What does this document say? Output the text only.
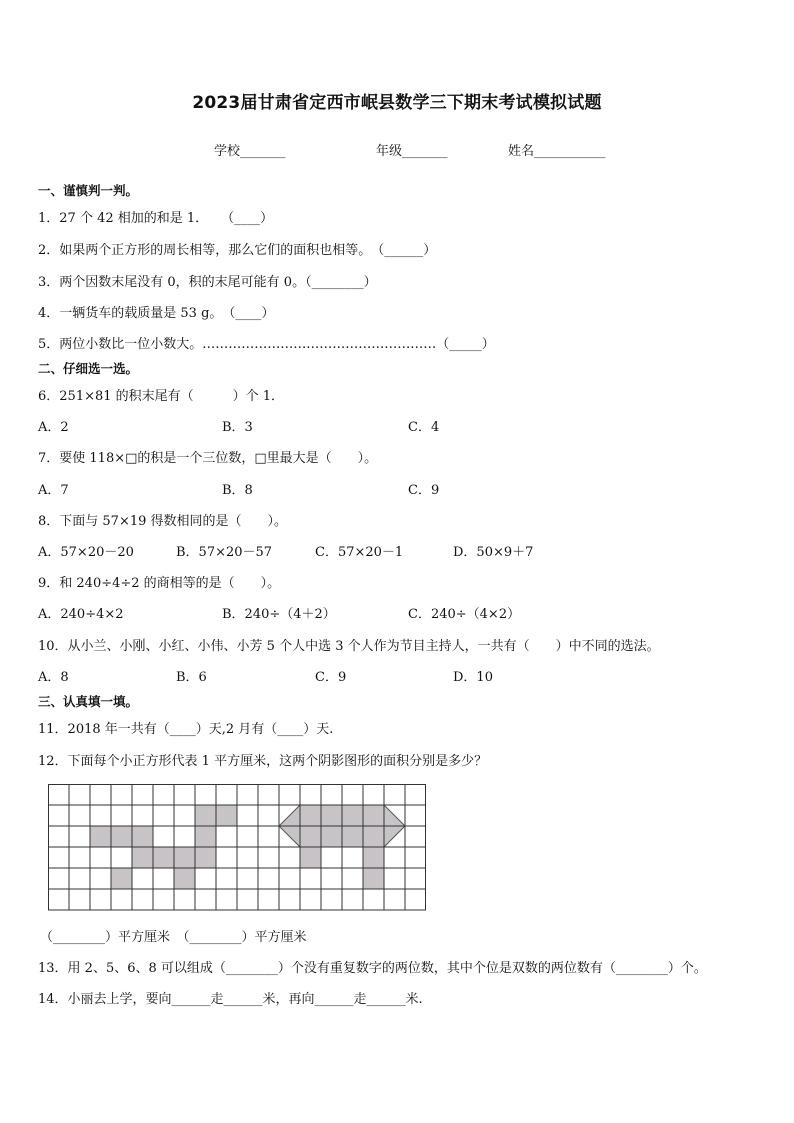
2023届甘肃省定西市岷县数学三下期末考试模拟试题
学校_______	年级_______	姓名___________
一、谨慎判一判。
1．27 个 42 相加的和是 1．　　（____）
2．如果两个正方形的周长相等，那么它们的面积也相等。　（______）
3．两个因数末尾没有 0，积的末尾可能有 0。（________）
4．一辆货车的载质量是 53 g。　（____）
5．两位小数比一位小数大。………………………………………………（_____）
二、仔细选一选。
6．251×81 的积末尾有（　　　）个 1．
A．2	B．3	C．4
7．要使 118×□的积是一个三位数，□里最大是（　　）。
A．7	B．8	C．9
8．下面与 57×19 得数相同的是（　　）。
A．57×20－20	B．57×20－57	C．57×20－1	D．50×9＋7
9．和 240÷4÷2 的商相等的是（　　）。
A．240÷4×2	B．240÷（4＋2）	C．240÷（4×2）
10．从小兰、小刚、小红、小伟、小芳 5 个人中选 3 个人作为节目主持人，一共有（　　）中不同的选法。
A．8	B．6	C．9	D．10
三、认真填一填。
11．2018 年一共有（____）天,2 月有（____）天.
12．下面每个小正方形代表 1 平方厘米，这两个阴影图形的面积分别是多少？
（________）平方厘米　（________）平方厘米
13．用 2、5、6、8 可以组成（________）个没有重复数字的两位数，其中个位是双数的两位数有（________）个。
14．小丽去上学，要向______走______米，再向______走______米.
